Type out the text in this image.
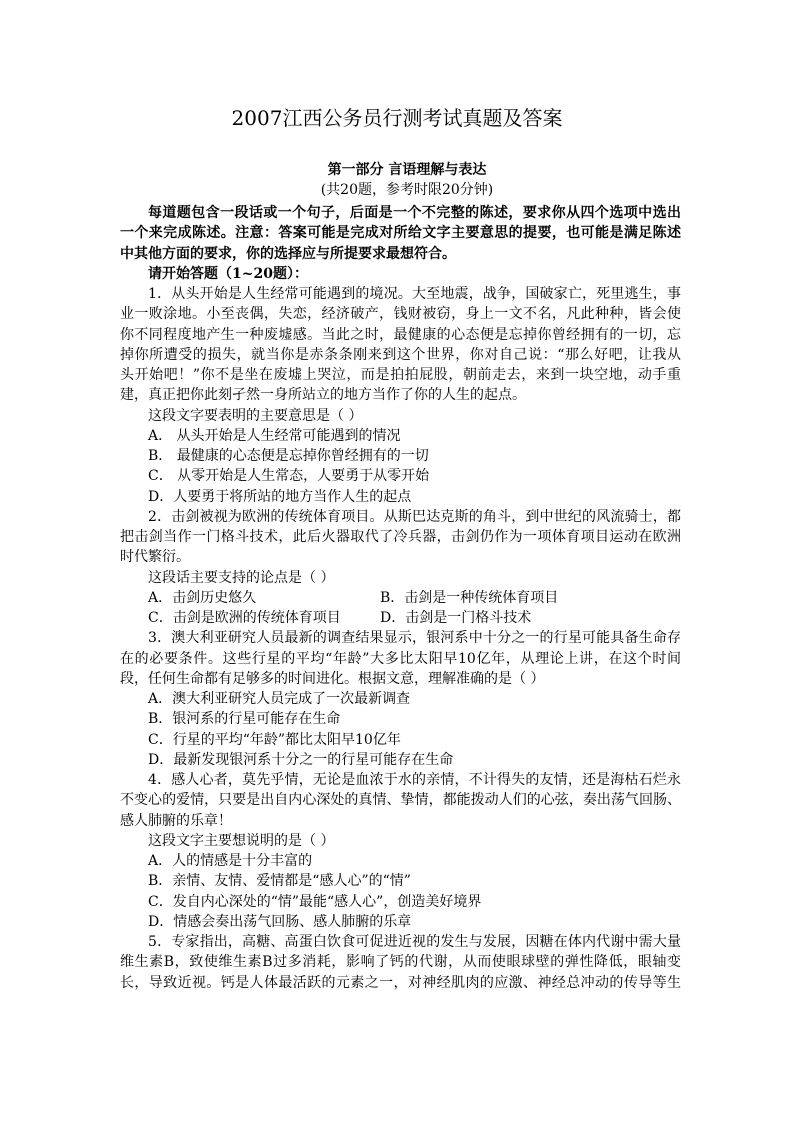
2007江西公务员行测考试真题及答案
第一部分 言语理解与表达
(共20题，参考时限20分钟)
每道题包含一段话或一个句子，后面是一个不完整的陈述，要求你从四个选项中选出
一个来完成陈述。注意：答案可能是完成对所给文字主要意思的提要，也可能是满足陈述
中其他方面的要求，你的选择应与所提要求最想符合。
请开始答题（1~20题）：
1．从头开始是人生经常可能遇到的境况。大至地震，战争，国破家亡，死里逃生，事
业一败涂地。小至丧偶，失恋，经济破产，钱财被窃，身上一文不名，凡此种种，皆会使
你不同程度地产生一种废墟感。当此之时，最健康的心态便是忘掉你曾经拥有的一切，忘
掉你所遭受的损失，就当你是赤条条刚来到这个世界，你对自己说：“那么好吧，让我从
头开始吧！”你不是坐在废墟上哭泣，而是拍拍屁股，朝前走去，来到一块空地，动手重
建，真正把你此刻孑然一身所站立的地方当作了你的人生的起点。
这段文字要表明的主要意思是（ ）
A． 从头开始是人生经常可能遇到的情况
B． 最健康的心态便是忘掉你曾经拥有的一切
C． 从零开始是人生常态，人要勇于从零开始
D．人要勇于将所站的地方当作人生的起点
2．击剑被视为欧洲的传统体育项目。从斯巴达克斯的角斗，到中世纪的风流骑士，都
把击剑当作一门格斗技术，此后火器取代了冷兵器，击剑仍作为一项体育项目运动在欧洲
时代繁衍。
这段话主要支持的论点是（ ）
A．击剑历史悠久	B．击剑是一种传统体育项目
C．击剑是欧洲的传统体育项目	D．击剑是一门格斗技术
3．澳大利亚研究人员最新的调查结果显示，银河系中十分之一的行星可能具备生命存
在的必要条件。这些行星的平均“年龄”大多比太阳早10亿年，从理论上讲，在这个时间
段，任何生命都有足够多的时间进化。根据文意，理解准确的是（ ）
A．澳大利亚研究人员完成了一次最新调查
B．银河系的行星可能存在生命
C．行星的平均“年龄”都比太阳早10亿年
D．最新发现银河系十分之一的行星可能存在生命
4．感人心者，莫先乎情，无论是血浓于水的亲情，不计得失的友情，还是海枯石烂永
不变心的爱情，只要是出自内心深处的真情、挚情，都能拨动人们的心弦，奏出荡气回肠、
感人肺腑的乐章！
这段文字主要想说明的是（ ）
A．人的情感是十分丰富的
B．亲情、友情、爱情都是“感人心”的“情”
C．发自内心深处的“情”最能“感人心”，创造美好境界
D．情感会奏出荡气回肠、感人肺腑的乐章
5．专家指出，高糖、高蛋白饮食可促进近视的发生与发展，因糖在体内代谢中需大量
维生素B，致使维生素B过多消耗，影响了钙的代谢，从而使眼球壁的弹性降低，眼轴变
长，导致近视。钙是人体最活跃的元素之一，对神经肌肉的应激、神经总冲动的传导等生
